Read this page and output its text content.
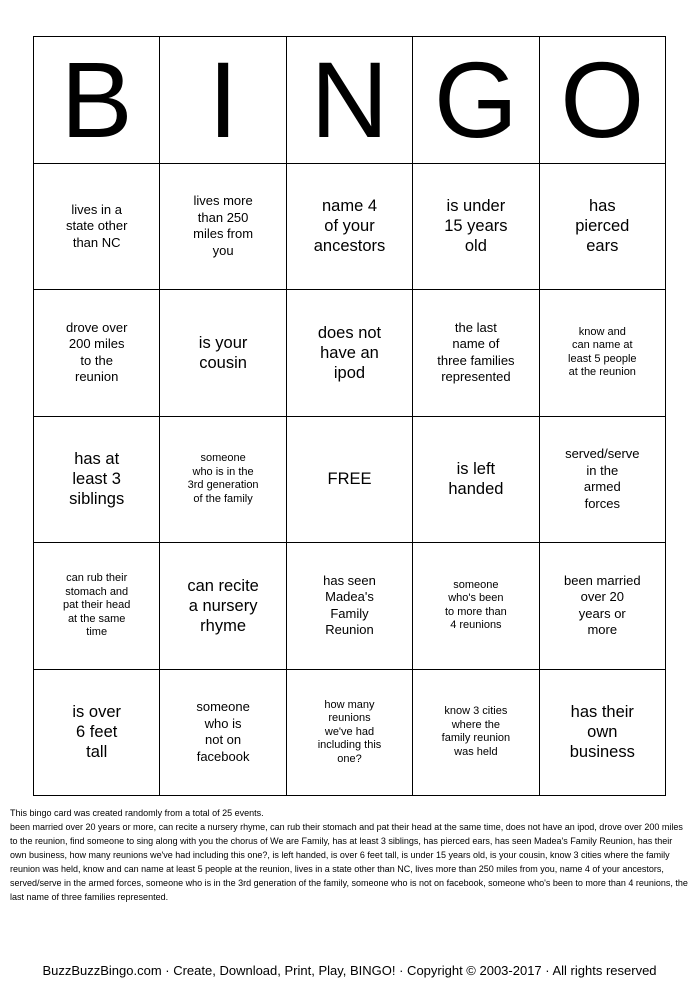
B I N G O
lives in a
state other
than NC
lives more
than 250
miles from
you
name 4
of your
ancestors
is under
15 years
old
has
pierced
ears
drove over
200 miles
to the
reunion
is your
cousin
does not
have an
ipod
the last
name of
three families
represented
know and
can name at
least 5 people
at the reunion
has at
least 3
siblings
someone
who is in the
3rd generation
of the family
FREE
is left
handed
served/serve
in the
armed
forces
can rub their
stomach and
pat their head
at the same
time
can recite
a nursery
rhyme
has seen
Madea's
Family
Reunion
someone
who's been
to more than
4 reunions
been married
over 20
years or
more
is over
6 feet
tall
someone
who is
not on
facebook
how many
reunions
we've had
including this
one?
know 3 cities
where the
family reunion
was held
has their
own
business

This bingo card was created randomly from a total of 25 events.

been married over 20 years or more, can recite a nursery rhyme, can rub their stomach and pat their head at the same time, does not have an ipod, drove over 200 miles to the reunion, find someone to sing along with you the chorus of We are Family, has at least 3 siblings, has pierced ears, has seen Madea's Family Reunion, has their own business, how many reunions we've had including this one?, is left handed, is over 6 feet tall, is under 15 years old, is your cousin, know 3 cities where the family reunion was held, know and can name at least 5 people at the reunion, lives in a state other than NC, lives more than 250 miles from you, name 4 of your ancestors, served/serve in the armed forces, someone who is in the 3rd generation of the family, someone who is not on facebook, someone who's been to more than 4 reunions, the last name of three families represented.

BuzzBuzzBingo.com · Create, Download, Print, Play, BINGO! · Copyright © 2003-2017 · All rights reserved
